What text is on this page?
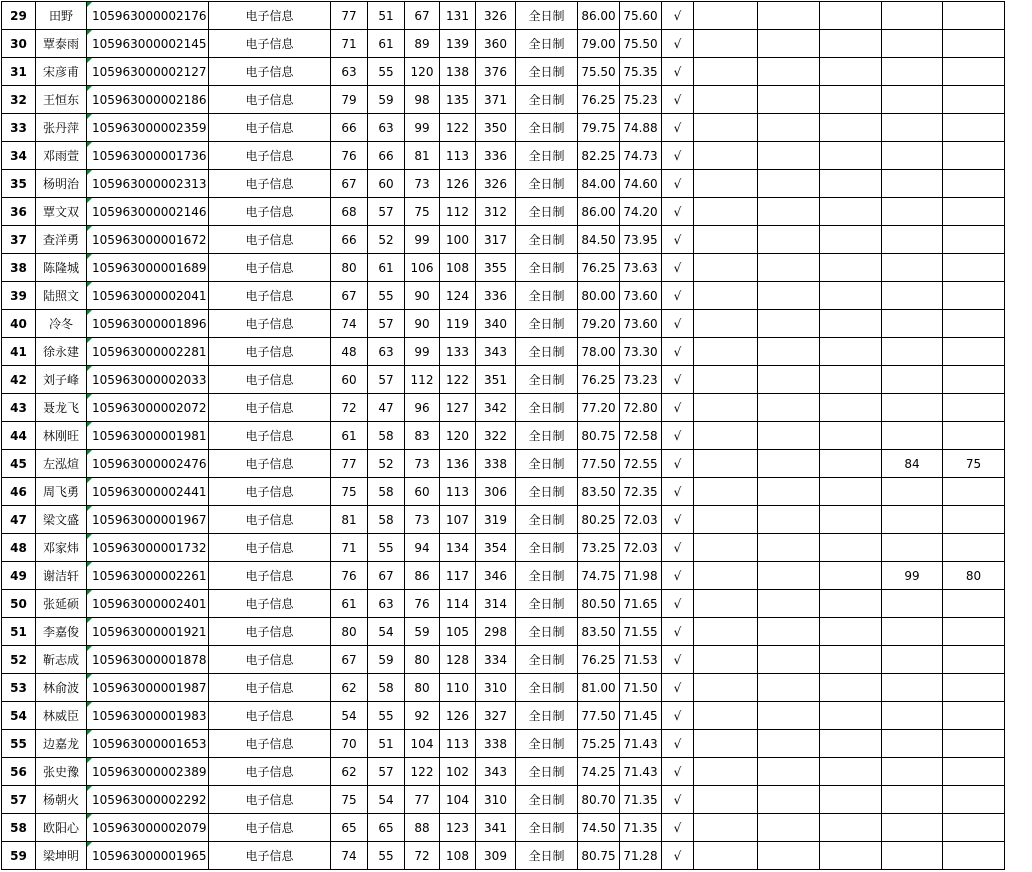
29	田野	105963000002176	电子信息	77	51	67	131	326	全日制	86.00	75.60	√					
30	覃泰雨	105963000002145	电子信息	71	61	89	139	360	全日制	79.00	75.50	√					
31	宋彦甫	105963000002127	电子信息	63	55	120	138	376	全日制	75.50	75.35	√					
32	王恒东	105963000002186	电子信息	79	59	98	135	371	全日制	76.25	75.23	√					
33	张丹萍	105963000002359	电子信息	66	63	99	122	350	全日制	79.75	74.88	√					
34	邓雨萱	105963000001736	电子信息	76	66	81	113	336	全日制	82.25	74.73	√					
35	杨明治	105963000002313	电子信息	67	60	73	126	326	全日制	84.00	74.60	√					
36	覃文双	105963000002146	电子信息	68	57	75	112	312	全日制	86.00	74.20	√					
37	查洋勇	105963000001672	电子信息	66	52	99	100	317	全日制	84.50	73.95	√					
38	陈隆城	105963000001689	电子信息	80	61	106	108	355	全日制	76.25	73.63	√					
39	陆照文	105963000002041	电子信息	67	55	90	124	336	全日制	80.00	73.60	√					
40	冷冬	105963000001896	电子信息	74	57	90	119	340	全日制	79.20	73.60	√					
41	徐永建	105963000002281	电子信息	48	63	99	133	343	全日制	78.00	73.30	√					
42	刘子峰	105963000002033	电子信息	60	57	112	122	351	全日制	76.25	73.23	√					
43	聂龙飞	105963000002072	电子信息	72	47	96	127	342	全日制	77.20	72.80	√					
44	林刚旺	105963000001981	电子信息	61	58	83	120	322	全日制	80.75	72.58	√					
45	左泓煊	105963000002476	电子信息	77	52	73	136	338	全日制	77.50	72.55	√				84	75
46	周飞勇	105963000002441	电子信息	75	58	60	113	306	全日制	83.50	72.35	√					
47	梁文盛	105963000001967	电子信息	81	58	73	107	319	全日制	80.25	72.03	√					
48	邓家炜	105963000001732	电子信息	71	55	94	134	354	全日制	73.25	72.03	√					
49	谢洁轩	105963000002261	电子信息	76	67	86	117	346	全日制	74.75	71.98	√				99	80
50	张延硕	105963000002401	电子信息	61	63	76	114	314	全日制	80.50	71.65	√					
51	李嘉俊	105963000001921	电子信息	80	54	59	105	298	全日制	83.50	71.55	√					
52	靳志成	105963000001878	电子信息	67	59	80	128	334	全日制	76.25	71.53	√					
53	林俞波	105963000001987	电子信息	62	58	80	110	310	全日制	81.00	71.50	√					
54	林威臣	105963000001983	电子信息	54	55	92	126	327	全日制	77.50	71.45	√					
55	边嘉龙	105963000001653	电子信息	70	51	104	113	338	全日制	75.25	71.43	√					
56	张史豫	105963000002389	电子信息	62	57	122	102	343	全日制	74.25	71.43	√					
57	杨朝火	105963000002292	电子信息	75	54	77	104	310	全日制	80.70	71.35	√					
58	欧阳心	105963000002079	电子信息	65	65	88	123	341	全日制	74.50	71.35	√					
59	梁坤明	105963000001965	电子信息	74	55	72	108	309	全日制	80.75	71.28	√					
